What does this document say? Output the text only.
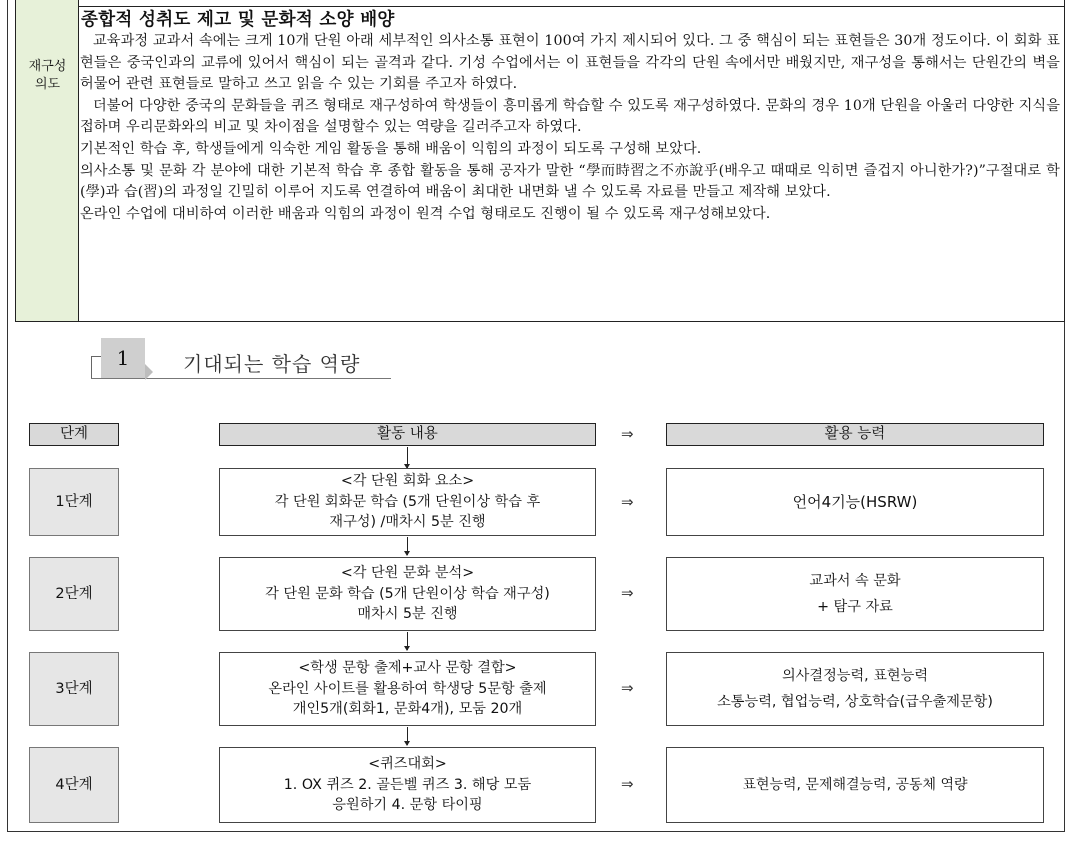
재구성
의도
종합적 성취도 제고 및 문화적 소양 배양

교육과정 교과서 속에는 크게 10개 단원 아래 세부적인 의사소통 표현이 100여 가지 제시되어 있다. 그 중 핵심이 되는 표현들은 30개 정도이다. 이 회화 표현들은 중국인과의 교류에 있어서 핵심이 되는 골격과 같다. 기성 수업에서는 이 표현들을 각각의 단원 속에서만 배웠지만, 재구성을 통해서는 단원간의 벽을 허물어 관련 표현들로 말하고 쓰고 읽을 수 있는 기회를 주고자 하였다.

더불어 다양한 중국의 문화들을 퀴즈 형태로 재구성하여 학생들이 흥미롭게 학습할 수 있도록 재구성하였다. 문화의 경우 10개 단원을 아울러 다양한 지식을 접하며 우리문화와의 비교 및 차이점을 설명할수 있는 역량을 길러주고자 하였다.

기본적인 학습 후, 학생들에게 익숙한 게임 활동을 통해 배움이 익힘의 과정이 되도록 구성해 보았다.

의사소통 및 문화 각 분야에 대한 기본적 학습 후 종합 활동을 통해 공자가 말한 “學而時習之不亦說乎(배우고 때때로 익히면 즐겁지 아니한가?)”구절대로 학(學)과 습(習)의 과정일 긴밀히 이루어 지도록 연결하여 배움이 최대한 내면화 낼 수 있도록 자료를 만들고 제작해 보았다.

온라인 수업에 대비하여 이러한 배움과 익힘의 과정이 원격 수업 형태로도 진행이 될 수 있도록 재구성해보았다.

1	기대되는 학습 역량
단계	활동 내용	⇒	활용 능력
1단계
<각 단원 회화 요소>
각 단원 회화문 학습 (5개 단원이상 학습 후
재구성) /매차시 5분 진행
⇒	언어4기능(HSRW)
2단계
<각 단원 문화 분석>
각 단원 문화 학습 (5개 단원이상 학습 재구성)
매차시 5분 진행
⇒
교과서 속 문화
+ 탐구 자료
3단계
<학생 문항 출제+교사 문항 결합>
온라인 사이트를 활용하여 학생당 5문항 출제
개인5개(회화1, 문화4개), 모둠 20개
⇒
의사결정능력, 표현능력
소통능력, 협업능력, 상호학습(급우출제문항)
4단계
<퀴즈대회>
1. OX 퀴즈 2. 골든벨 퀴즈 3. 해당 모둠
응원하기 4. 문항 타이핑
⇒	표현능력, 문제해결능력, 공동체 역량
